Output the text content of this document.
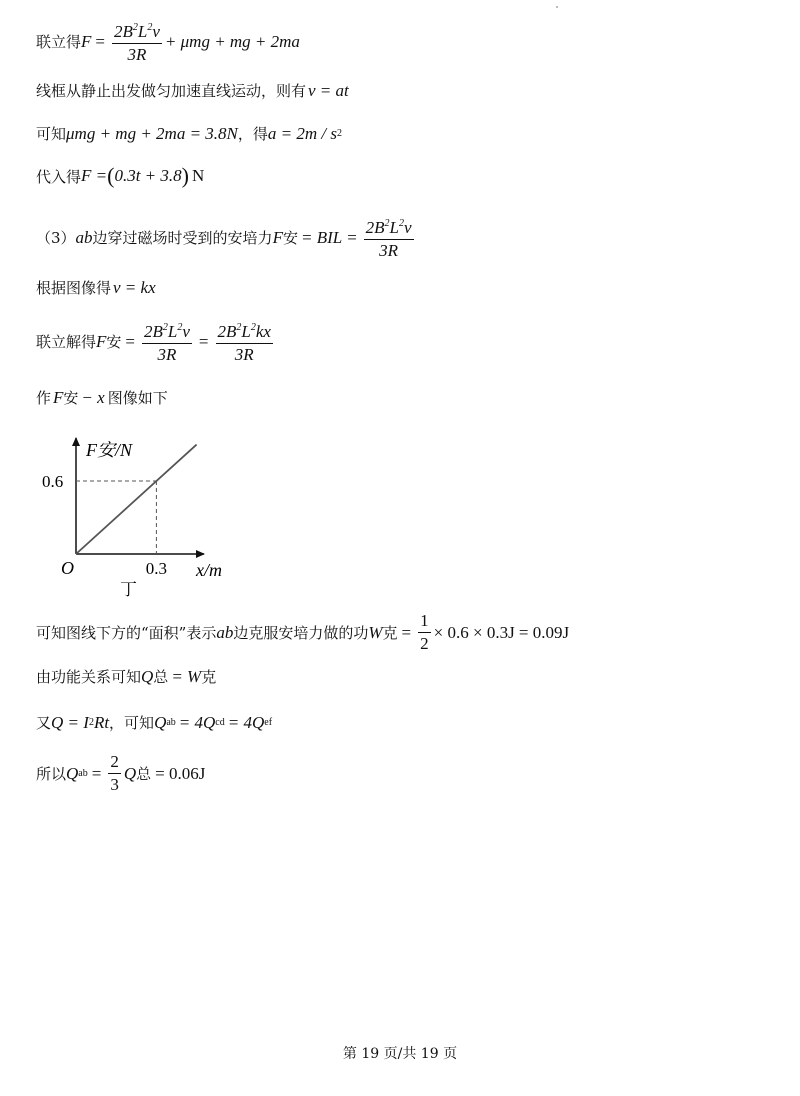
联立得 $F = \frac{2B^2L^2v}{3R} + \mu mg$ + mg + 2ma
线框从静止出发做匀加速直线运动，则有 v = at
可知 μmg + mg + 2ma = 3.8N ，得 a = 2m / s 2
代入得 F = ( 0.3t + 3.8 ) N
（3） ab 边穿过磁场时受到的安培力 F 安 = BIL = $\frac{2B^2L^2v}{3R}$
根据图像得 v = kx
联立解得 F 安 = $\frac{2B^2L^2v}{3R} = \frac{2B^2L^2kx}{3R}$
作 F 安 − x 图像如下
F安/N
x/m
O	0.3
0.6
丁
可知图线下方的“面积”表示 ab 边克服安培力做的功 W 克 = $\frac{1}{2} \times 0.6 \times 0.3J = 0.09J$
由功能关系可知 Q 总 = W 克
又 Q = I 2 Rt ，可知 Q ab = 4Q cd = 4Q ef
所以 Q ab = $\frac{2}{3}$ Q 总 = 0.06J
第 19 页/共 19 页
